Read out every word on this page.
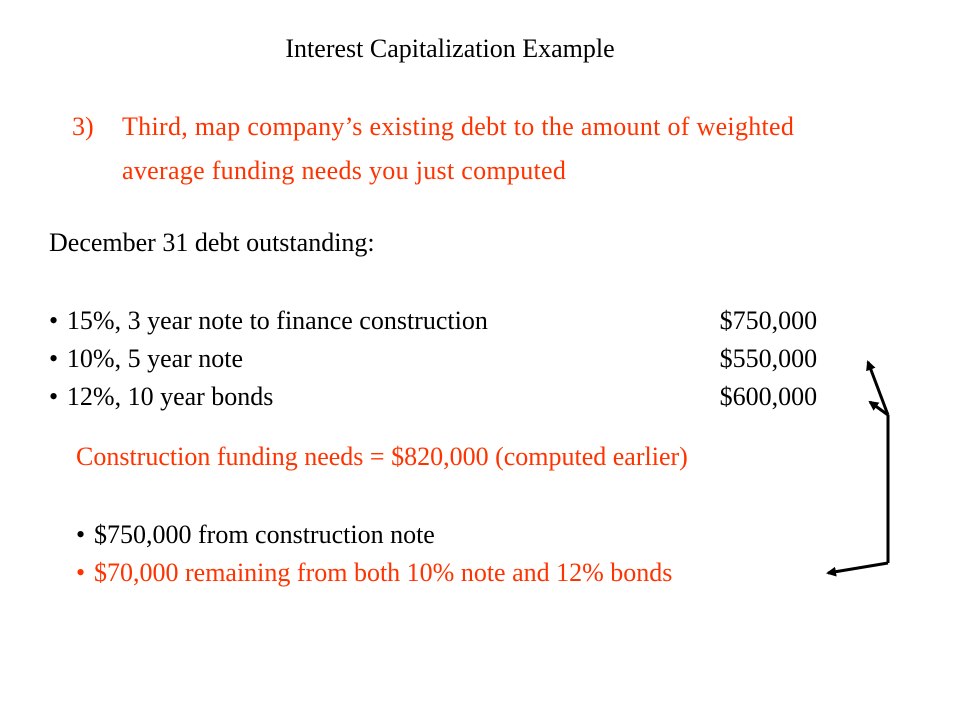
Interest Capitalization Example
3)	Third, map company’s existing debt to the amount of weighted average funding needs you just computed
December 31 debt outstanding:
• 15%, 3 year note to finance construction	$750,000
• 10%, 5 year note	$550,000
• 12%, 10 year bonds	$600,000
Construction funding needs = $820,000 (computed earlier)
• $750,000 from construction note
• $70,000 remaining from both 10% note and 12% bonds
